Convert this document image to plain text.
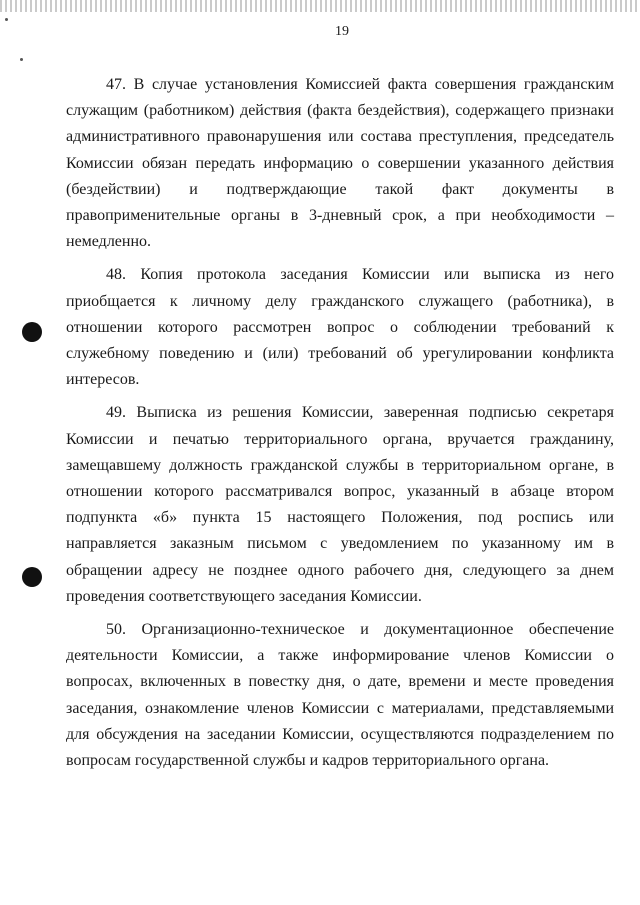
19

47. В случае установления Комиссией факта совершения гражданским служащим (работником) действия (факта бездействия), содержащего признаки административного правонарушения или состава преступления, председатель Комиссии обязан передать информацию о совершении указанного действия (бездействии) и подтверждающие такой факт документы в правоприменительные органы в 3-дневный срок, а при необходимости – немедленно.

48. Копия протокола заседания Комиссии или выписка из него приобщается к личному делу гражданского служащего (работника), в отношении которого рассмотрен вопрос о соблюдении требований к служебному поведению и (или) требований об урегулировании конфликта интересов.

49. Выписка из решения Комиссии, заверенная подписью секретаря Комиссии и печатью территориального органа, вручается гражданину, замещавшему должность гражданской службы в территориальном органе, в отношении которого рассматривался вопрос, указанный в абзаце втором подпункта «б» пункта 15 настоящего Положения, под роспись или направляется заказным письмом с уведомлением по указанному им в обращении адресу не позднее одного рабочего дня, следующего за днем проведения соответствующего заседания Комиссии.

50. Организационно-техническое и документационное обеспечение деятельности Комиссии, а также информирование членов Комиссии о вопросах, включенных в повестку дня, о дате, времени и месте проведения заседания, ознакомление членов Комиссии с материалами, представляемыми для обсуждения на заседании Комиссии, осуществляются подразделением по вопросам государственной службы и кадров территориального органа.
